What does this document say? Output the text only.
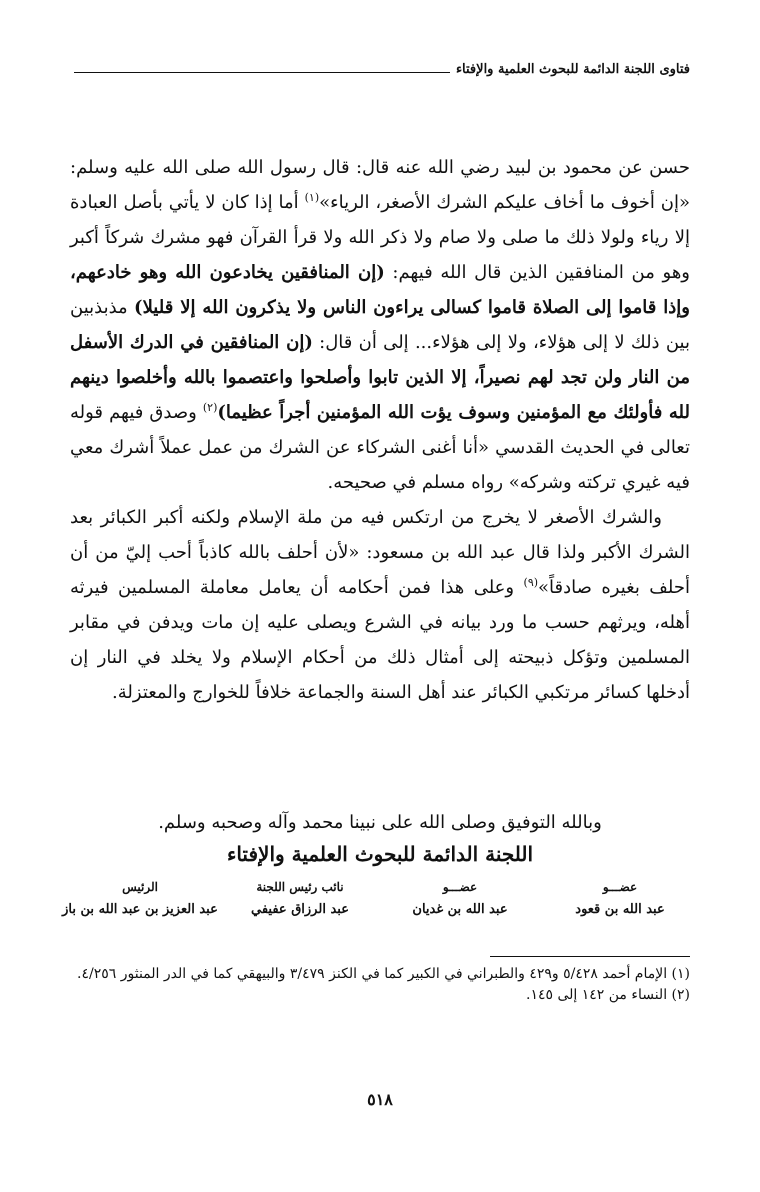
فتاوى اللجنة الدائمة للبحوث العلمية والإفتاء

حسن عن محمود بن لبيد رضي الله عنه قال: قال رسول الله صلى الله عليه وسلم: «إن أخوف ما أخاف عليكم الشرك الأصغر، الرياء»$^{(١)}$ أما إذا كان لا يأتي بأصل العبادة إلا رياء ولولا ذلك ما صلى ولا صام ولا ذكر الله ولا قرأ القرآن فهو مشرك شركاً أكبر وهو من المنافقين الذين قال الله فيهم: (إن المنافقين يخادعون الله وهو خادعهم، وإذا قاموا إلى الصلاة قاموا كسالى يراءون الناس ولا يذكرون الله إلا قليلا) مذبذبين بين ذلك لا إلى هؤلاء، ولا إلى هؤلاء... إلى أن قال: (إن المنافقين في الدرك الأسفل من النار ولن تجد لهم نصيراً، إلا الذين تابوا وأصلحوا واعتصموا بالله وأخلصوا دينهم لله فأولئك مع المؤمنين وسوف يؤت الله المؤمنين أجراً عظيما)$^{(٢)}$ وصدق فيهم قوله تعالى في الحديث القدسي «أنا أغنى الشركاء عن الشرك من عمل عملاً أشرك معي فيه غيري تركته وشركه» رواه مسلم في صحيحه.

والشرك الأصغر لا يخرج من ارتكس فيه من ملة الإسلام ولكنه أكبر الكبائر بعد الشرك الأكبر ولذا قال عبد الله بن مسعود: «لأن أحلف بالله كاذباً أحب إليّ من أن أحلف بغيره صادقاً»$^{(٩)}$ وعلى هذا فمن أحكامه أن يعامل معاملة المسلمين فيرثه أهله، ويرثهم حسب ما ورد بيانه في الشرع ويصلى عليه إن مات ويدفن في مقابر المسلمين وتؤكل ذبيحته إلى أمثال ذلك من أحكام الإسلام ولا يخلد في النار إن أدخلها كسائر مرتكبي الكبائر عند أهل السنة والجماعة خلافاً للخوارج والمعتزلة.

وبالله التوفيق وصلى الله على نبينا محمد وآله وصحبه وسلم.
اللجنة الدائمة للبحوث العلمية والإفتاء
عضـــو
عبد الله بن قعود
عضـــو
عبد الله بن غديان
نائب رئيس اللجنة
عبد الرزاق عفيفي
الرئيس
عبد العزيز بن عبد الله بن باز

(١) الإمام أحمد ٥/٤٢٨ و٤٢٩ والطبراني في الكبير كما في الكنز ٣/٤٧٩ والبيهقي كما في الدر المنثور ٤/٢٥٦.

(٢) النساء من ١٤٢ إلى ١٤٥.

٥١٨
